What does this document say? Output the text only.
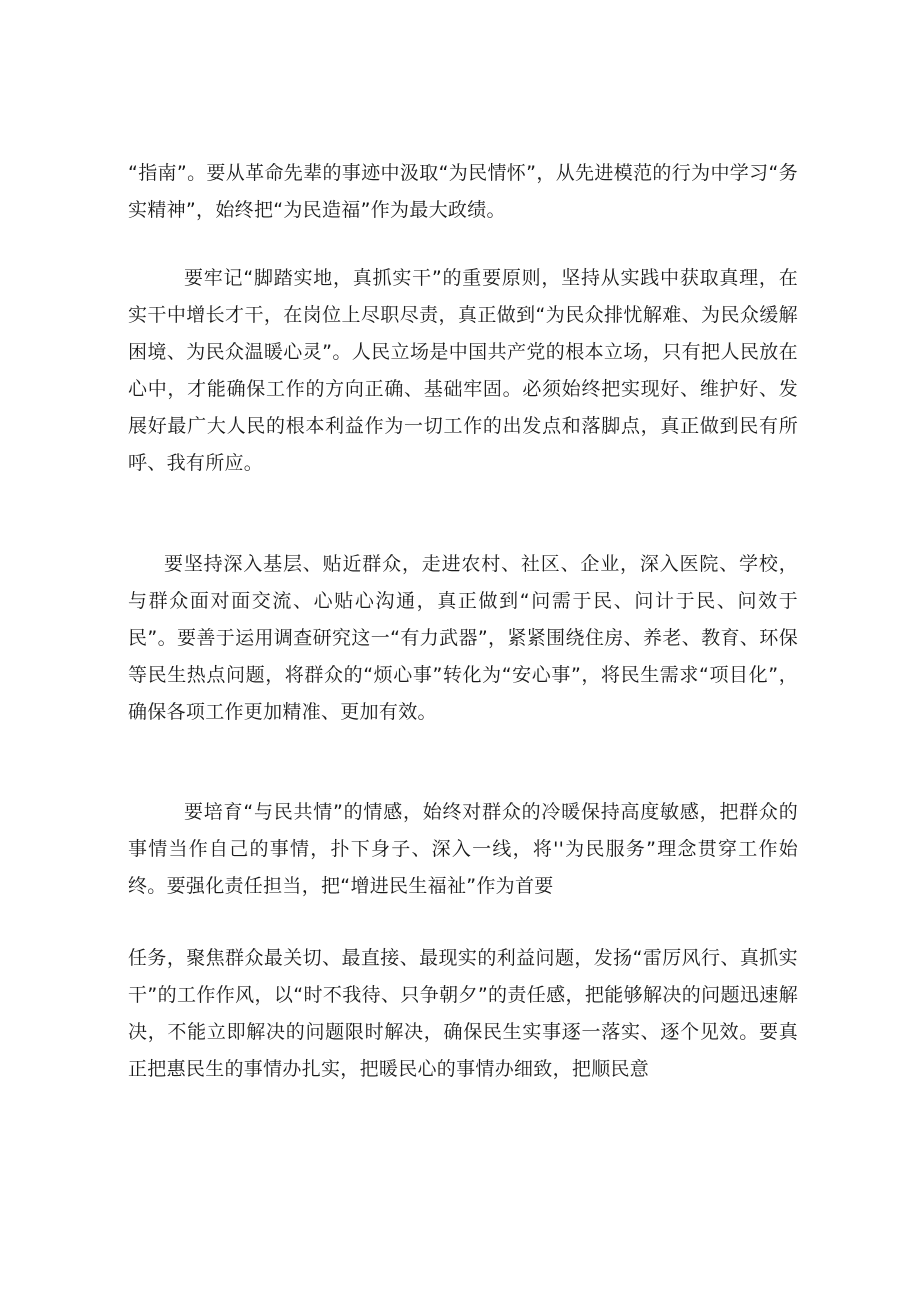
“指南”。要从革命先辈的事迹中汲取“为民情怀”，从先进模范的行为中学习“务实精神”，始终把“为民造福”作为最大政绩。

要牢记“脚踏实地，真抓实干”的重要原则，坚持从实践中获取真理，在实干中增长才干，在岗位上尽职尽责，真正做到“为民众排忧解难、为民众缓解困境、为民众温暖心灵”。人民立场是中国共产党的根本立场，只有把人民放在心中，才能确保工作的方向正确、基础牢固。必须始终把实现好、维护好、发展好最广大人民的根本利益作为一切工作的出发点和落脚点，真正做到民有所呼、我有所应。

要坚持深入基层、贴近群众，走进农村、社区、企业，深入医院、学校，与群众面对面交流、心贴心沟通，真正做到“问需于民、问计于民、问效于民”。要善于运用调查研究这一“有力武器”，紧紧围绕住房、养老、教育、环保等民生热点问题，将群众的“烦心事”转化为“安心事”，将民生需求“项目化”，确保各项工作更加精准、更加有效。

要培育“与民共情”的情感，始终对群众的冷暖保持高度敏感，把群众的事情当作自己的事情，扑下身子、深入一线，将''为民服务”理念贯穿工作始终。要强化责任担当，把“增进民生福祉”作为首要

任务，聚焦群众最关切、最直接、最现实的利益问题，发扬“雷厉风行、真抓实干”的工作作风，以“时不我待、只争朝夕”的责任感，把能够解决的问题迅速解决，不能立即解决的问题限时解决，确保民生实事逐一落实、逐个见效。要真正把惠民生的事情办扎实，把暖民心的事情办细致，把顺民意
